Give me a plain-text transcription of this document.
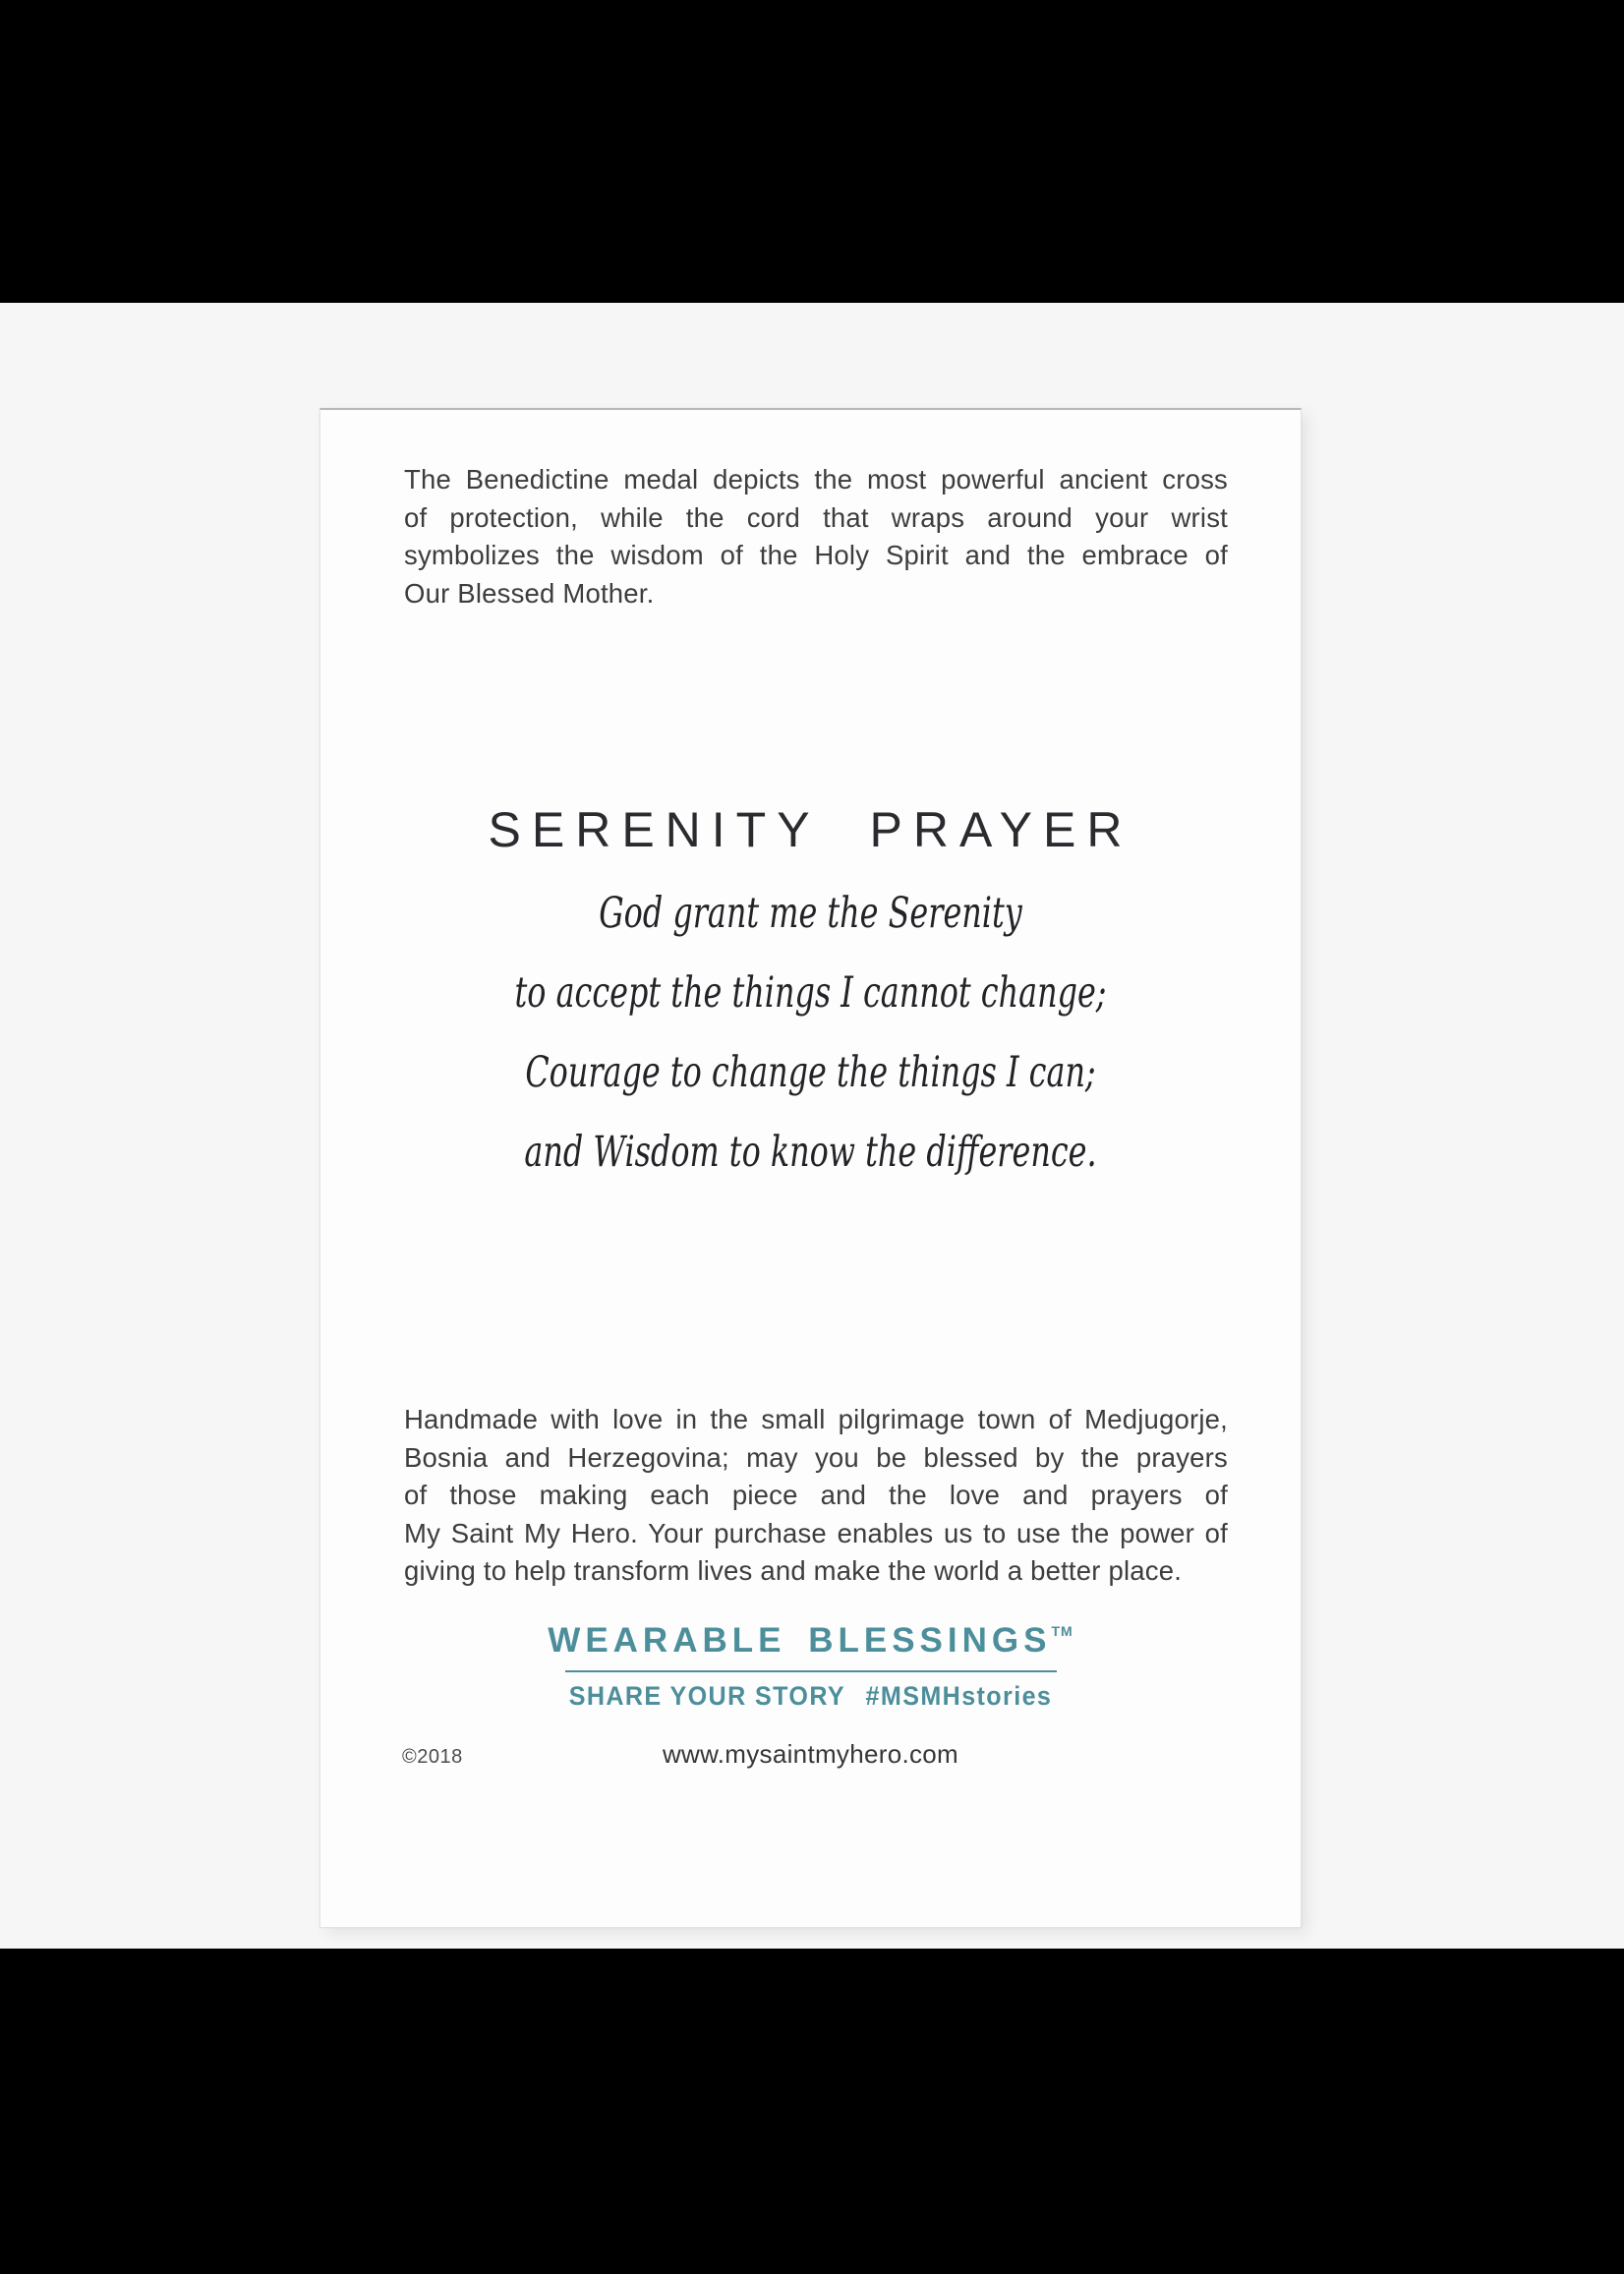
The Benedictine medal depicts the most powerful ancient cross
of protection, while the cord that wraps around your wrist
symbolizes the wisdom of the Holy Spirit and the embrace of
Our Blessed Mother.
SERENITY PRAYER
God grant me the Serenity
to accept the things I cannot change;
Courage to change the things I can;
and Wisdom to know the difference.
Handmade with love in the small pilgrimage town of Medjugorje,
Bosnia and Herzegovina; may you be blessed by the prayers
of those making each piece and the love and prayers of
My Saint My Hero. Your purchase enables us to use the power of
giving to help transform lives and make the world a better place.
WEARABLE BLESSINGS™
SHARE YOUR STORY #MSMHstories
©2018	www.mysaintmyhero.com
